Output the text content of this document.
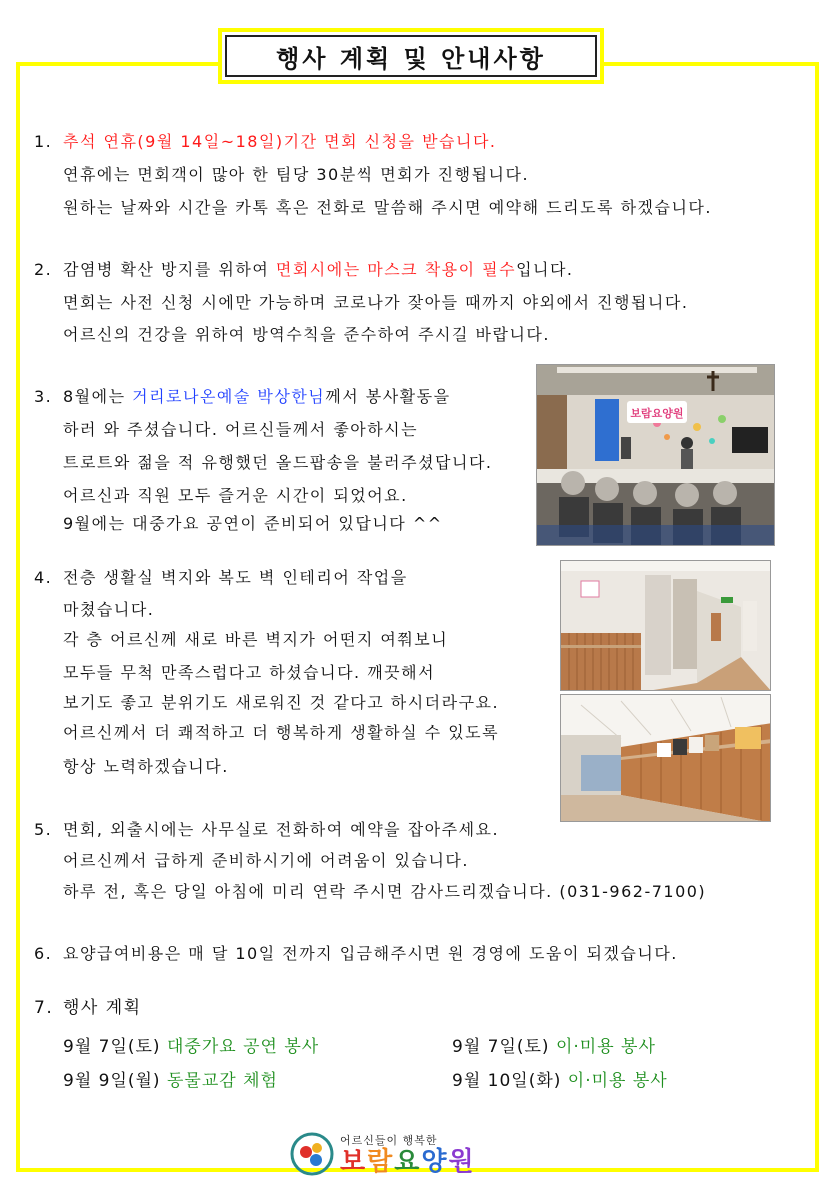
행사 계획 및 안내사항
1. 추석 연휴(9월 14일~18일)기간 면회 신청을 받습니다.
연휴에는 면회객이 많아 한 팀당 30분씩 면회가 진행됩니다.
원하는 날짜와 시간을 카톡 혹은 전화로 말씀해 주시면 예약해 드리도록 하겠습니다.
2. 감염병 확산 방지를 위하여 면회시에는 마스크 착용이 필수입니다.
면회는 사전 신청 시에만 가능하며 코로나가 잦아들 때까지 야외에서 진행됩니다.
어르신의 건강을 위하여 방역수칙을 준수하여 주시길 바랍니다.
3. 8월에는 거리로나온예술 박상한님께서 봉사활동을
하러 와 주셨습니다. 어르신들께서 좋아하시는
트로트와 젊을 적 유행했던 올드팝송을 불러주셨답니다.
어르신과 직원 모두 즐거운 시간이 되었어요.
9월에는 대중가요 공연이 준비되어 있답니다 ^^
보람요양원
4. 전층 생활실 벽지와 복도 벽 인테리어 작업을
마쳤습니다.
각 층 어르신께 새로 바른 벽지가 어떤지 여쭤보니
모두들 무척 만족스럽다고 하셨습니다. 깨끗해서
보기도 좋고 분위기도 새로워진 것 같다고 하시더라구요.
어르신께서 더 쾌적하고 더 행복하게 생활하실 수 있도록
항상 노력하겠습니다.
5. 면회, 외출시에는 사무실로 전화하여 예약을 잡아주세요.
어르신께서 급하게 준비하시기에 어려움이 있습니다.
하루 전, 혹은 당일 아침에 미리 연락 주시면 감사드리겠습니다. (031-962-7100)
6. 요양급여비용은 매 달 10일 전까지 입금해주시면 원 경영에 도움이 되겠습니다.
7. 행사 계획
9월 7일(토) 대중가요 공연 봉사	9월 7일(토) 이·미용 봉사
9월 9일(월) 동물교감 체험	9월 10일(화) 이·미용 봉사
어르신들이 행복한
보람요양원
